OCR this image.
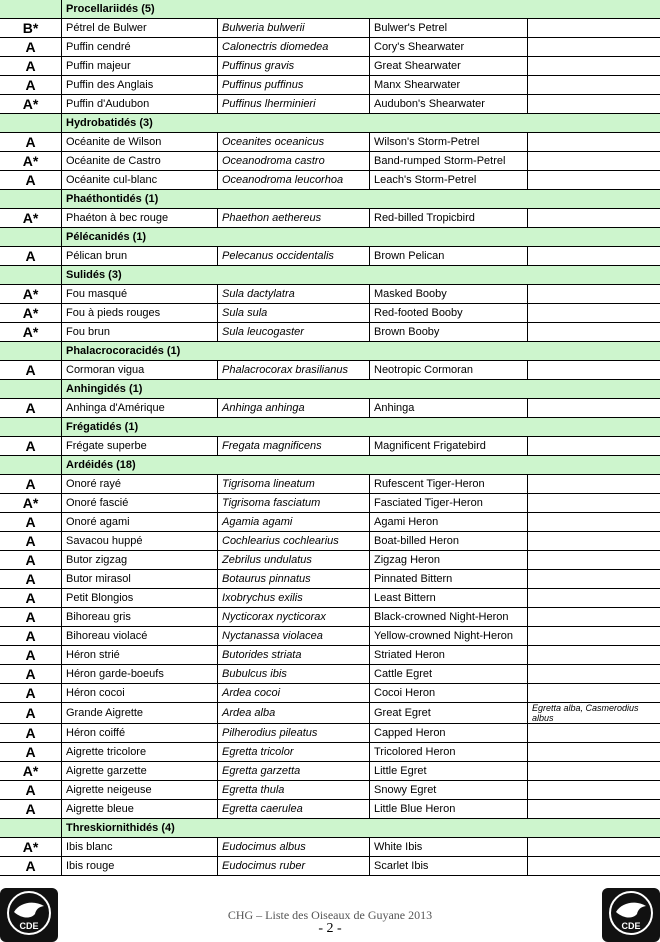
	Procellariidés (5)			
B*	Pétrel de Bulwer	Bulweria bulwerii	Bulwer's Petrel	
A	Puffin cendré	Calonectris diomedea	Cory's Shearwater	
A	Puffin majeur	Puffinus gravis	Great Shearwater	
A	Puffin des Anglais	Puffinus puffinus	Manx Shearwater	
A*	Puffin d'Audubon	Puffinus lherminieri	Audubon's Shearwater	
	Hydrobatidés (3)			
A	Océanite de Wilson	Oceanites oceanicus	Wilson's Storm-Petrel	
A*	Océanite de Castro	Oceanodroma castro	Band-rumped Storm-Petrel	
A	Océanite cul-blanc	Oceanodroma leucorhoa	Leach's Storm-Petrel	
	Phaéthontidés (1)			
A*	Phaéton à bec rouge	Phaethon aethereus	Red-billed Tropicbird	
	Pélécanidés (1)			
A	Pélican brun	Pelecanus occidentalis	Brown Pelican	
	Sulidés (3)			
A*	Fou masqué	Sula dactylatra	Masked Booby	
A*	Fou à pieds rouges	Sula sula	Red-footed Booby	
A*	Fou brun	Sula leucogaster	Brown Booby	
	Phalacrocoracidés (1)			
A	Cormoran vigua	Phalacrocorax brasilianus	Neotropic Cormoran	
	Anhingidés (1)			
A	Anhinga d'Amérique	Anhinga anhinga	Anhinga	
	Frégatidés (1)			
A	Frégate superbe	Fregata magnificens	Magnificent Frigatebird	
	Ardéidés (18)			
A	Onoré rayé	Tigrisoma lineatum	Rufescent Tiger-Heron	
A*	Onoré fascié	Tigrisoma fasciatum	Fasciated Tiger-Heron	
A	Onoré agami	Agamia agami	Agami Heron	
A	Savacou huppé	Cochlearius cochlearius	Boat-billed Heron	
A	Butor zigzag	Zebrilus undulatus	Zigzag Heron	
A	Butor mirasol	Botaurus pinnatus	Pinnated Bittern	
A	Petit Blongios	Ixobrychus exilis	Least Bittern	
A	Bihoreau gris	Nycticorax nycticorax	Black-crowned Night-Heron	
A	Bihoreau violacé	Nyctanassa violacea	Yellow-crowned Night-Heron	
A	Héron strié	Butorides striata	Striated Heron	
A	Héron garde-boeufs	Bubulcus ibis	Cattle Egret	
A	Héron cocoi	Ardea cocoi	Cocoi Heron	
A	Grande Aigrette	Ardea alba	Great Egret	Egretta alba, Casmerodius albus
A	Héron coiffé	Pilherodius pileatus	Capped Heron	
A	Aigrette tricolore	Egretta tricolor	Tricolored Heron	
A*	Aigrette garzette	Egretta garzetta	Little Egret	
A	Aigrette neigeuse	Egretta thula	Snowy Egret	
A	Aigrette bleue	Egretta caerulea	Little Blue Heron	
	Threskiornithidés (4)			
A*	Ibis blanc	Eudocimus albus	White Ibis	
A	Ibis rouge	Eudocimus ruber	Scarlet Ibis	
CDE
CHG – Liste des Oiseaux de Guyane 2013
- 2 -	CDE
